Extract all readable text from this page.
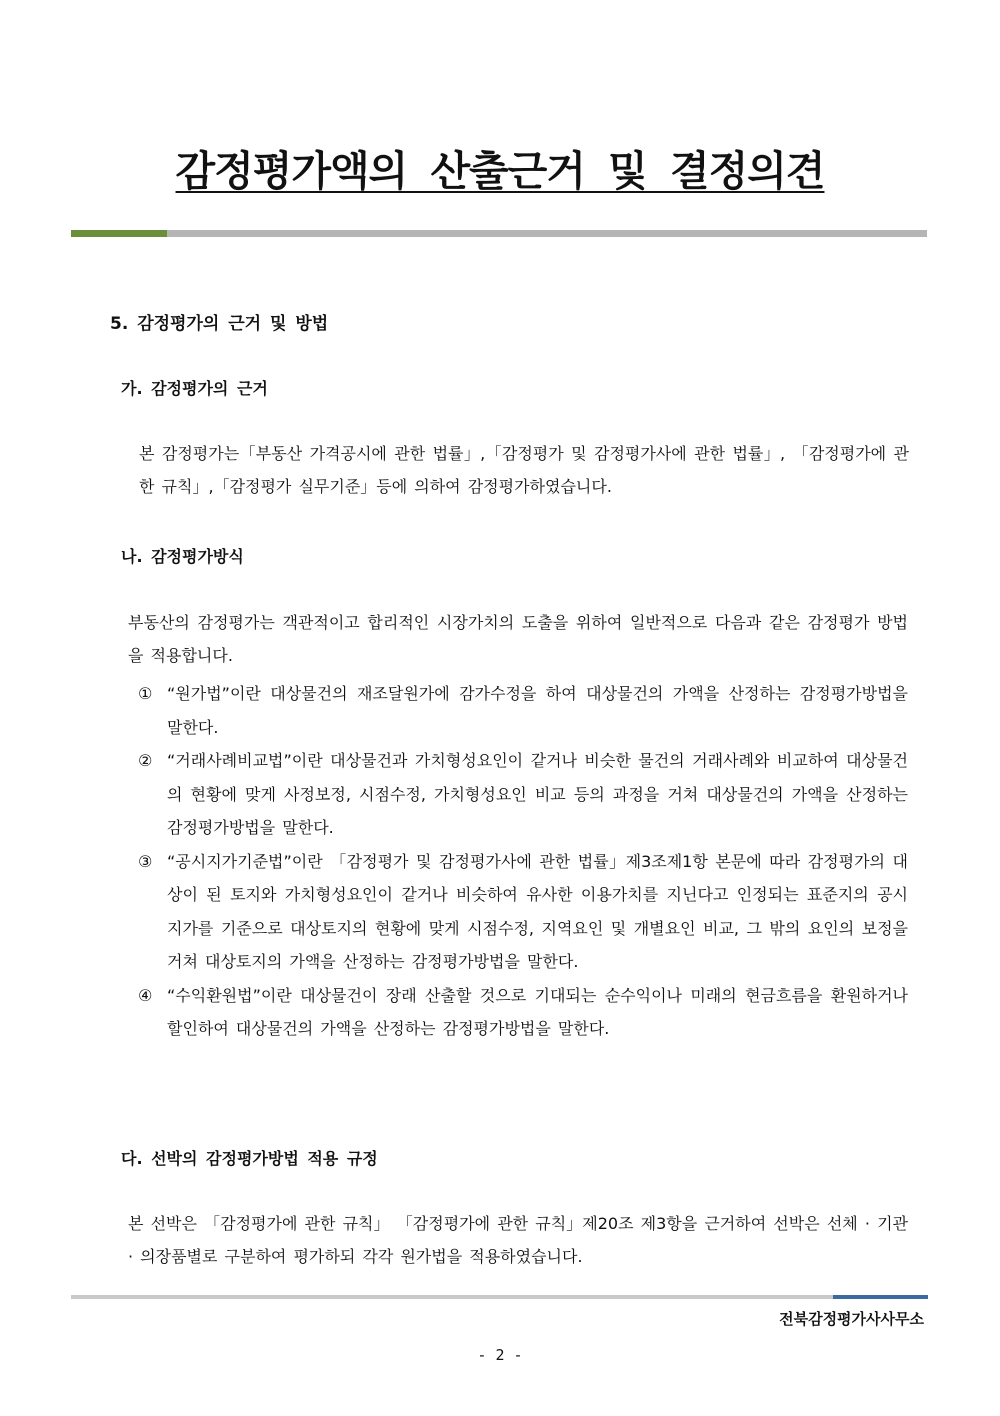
감정평가액의 산출근거 및 결정의견
5. 감정평가의 근거 및 방법
가. 감정평가의 근거
본 감정평가는「부동산 가격공시에 관한 법률」,「감정평가 및 감정평가사에 관한 법률」, 「감정평가에 관한 규칙」,「감정평가 실무기준」등에 의하여 감정평가하였습니다.
나. 감정평가방식
부동산의 감정평가는 객관적이고 합리적인 시장가치의 도출을 위하여 일반적으로 다음과 같은 감정평가 방법을 적용합니다.
① “원가법”이란 대상물건의 재조달원가에 감가수정을 하여 대상물건의 가액을 산정하는 감정평가방법을 말한다.
② “거래사례비교법”이란 대상물건과 가치형성요인이 같거나 비슷한 물건의 거래사례와 비교하여 대상물건의 현황에 맞게 사정보정, 시점수정, 가치형성요인 비교 등의 과정을 거쳐 대상물건의 가액을 산정하는 감정평가방법을 말한다.
③ “공시지가기준법”이란 「감정평가 및 감정평가사에 관한 법률」제3조제1항 본문에 따라 감정평가의 대상이 된 토지와 가치형성요인이 같거나 비슷하여 유사한 이용가치를 지닌다고 인정되는 표준지의 공시지가를 기준으로 대상토지의 현황에 맞게 시점수정, 지역요인 및 개별요인 비교, 그 밖의 요인의 보정을 거쳐 대상토지의 가액을 산정하는 감정평가방법을 말한다.
④ “수익환원법”이란 대상물건이 장래 산출할 것으로 기대되는 순수익이나 미래의 현금흐름을 환원하거나 할인하여 대상물건의 가액을 산정하는 감정평가방법을 말한다.
다. 선박의 감정평가방법 적용 규정
본 선박은 「감정평가에 관한 규칙」 「감정평가에 관한 규칙」제20조 제3항을 근거하여 선박은 선체 · 기관 · 의장품별로 구분하여 평가하되 각각 원가법을 적용하였습니다.
전북감정평가사사무소
- 2 -
